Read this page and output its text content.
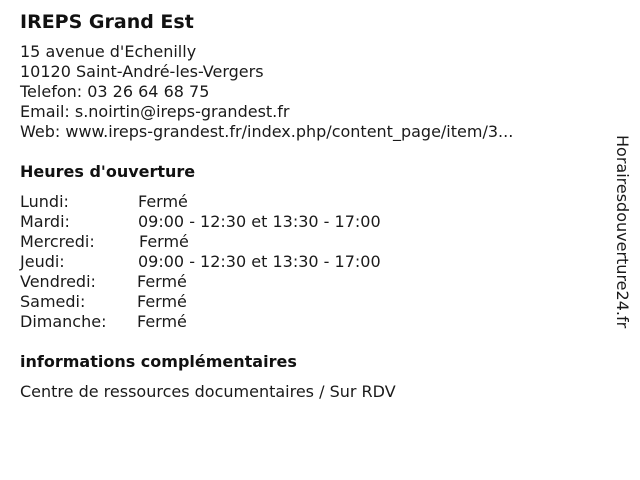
IREPS Grand Est
15 avenue d'Echenilly
10120 Saint-André-les-Vergers
Telefon: 03 26 64 68 75
Email: s.noirtin@ireps-grandest.fr
Web: www.ireps-grandest.fr/index.php/content_page/item/3...
Heures d'ouverture
Lundi:	Fermé
Mardi:	09:00 - 12:30 et 13:30 - 17:00
Mercredi:	Fermé
Jeudi:	09:00 - 12:30 et 13:30 - 17:00
Vendredi:	Fermé
Samedi:	Fermé
Dimanche: Fermé
informations complémentaires
Centre de ressources documentaires / Sur RDV
Horairesdouverture24.fr
